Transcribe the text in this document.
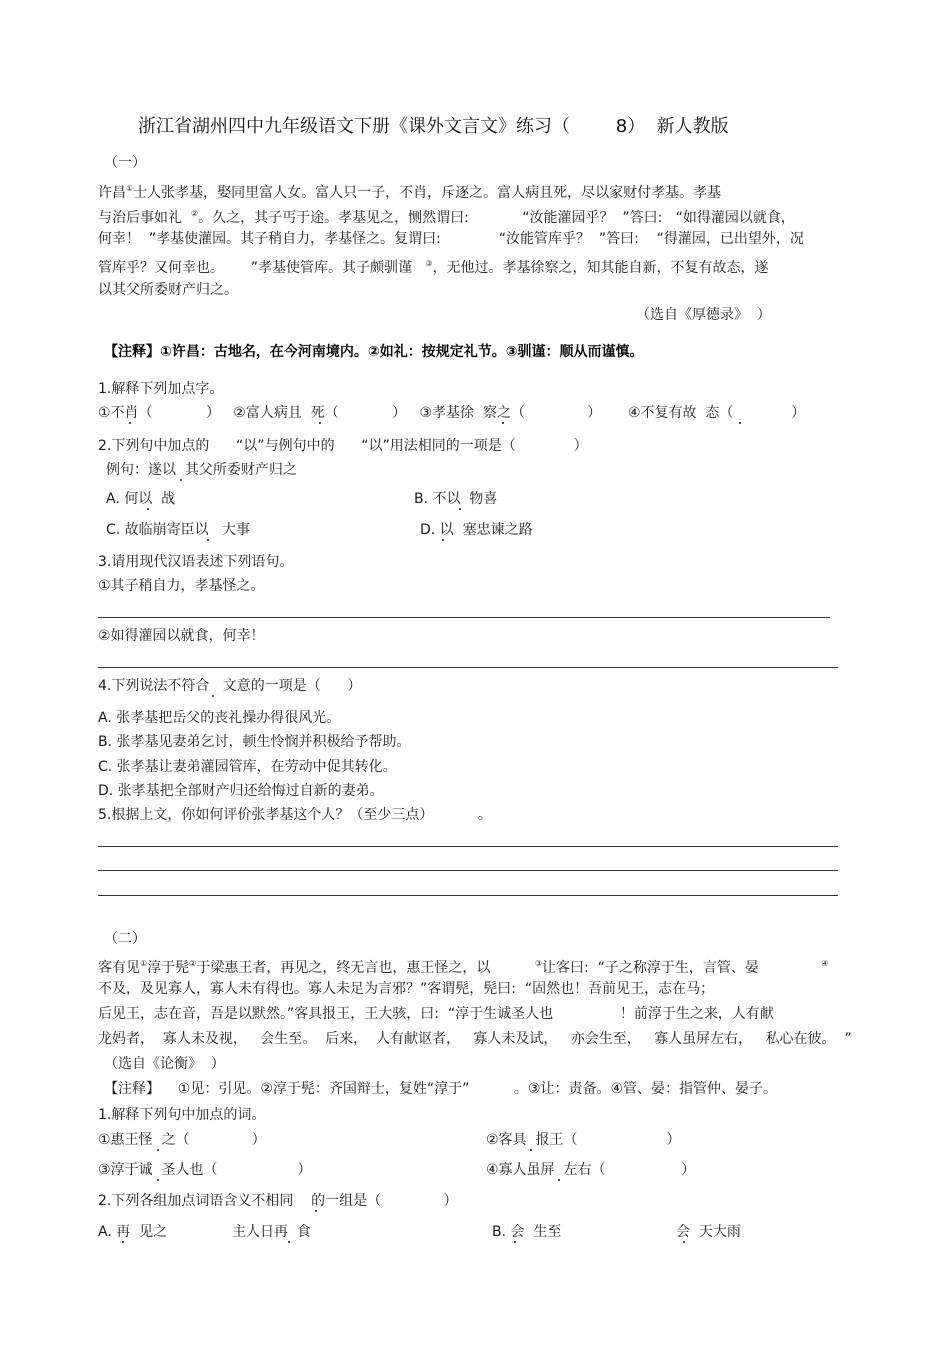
浙江省湖州四中九年级语文下册《课外文言文》练习（        8）  新人教版
（一）
许昌①士人张孝基，娶同里富人女。富人只一子，不肖，斥逐之。富人病且死，尽以家财付孝基。孝基
与治后事如礼 ②。久之，其子丐于途。孝基见之，恻然谓曰:            “汝能灌园乎？  ”答曰:   “如得灌园以就食，
何幸！  ”孝基使灌园。其子稍自力，孝基怪之。复谓曰:             “汝能管库乎？  ”答曰:    “得灌园，已出望外，况
管库乎？又何幸也。      ”孝基使管库。其子颇驯谨 ③，无他过。孝基徐察之，知其能自新，不复有故态，遂
以其父所委财产归之。
（选自《厚德录》  ）
【注释】①许昌：古地名，在今河南境内。②如礼：按规定礼节。③驯谨：顺从而谨慎。
1.解释下列加点字。
①不肖（            ）   ②富人病且  死（            ）   ③孝基徐  察之（              ）      ④不复有故  态（             ）
2.下列句中加点的      “以”与例句中的      “以”用法相同的一项是（             ）
例句：遂以  其父所委财产归之
A. 何以  战	B. 不以  物喜
C. 故临崩寄臣以   大事	D. 以  塞忠谏之路
3.请用现代汉语表述下列语句。
①其子稍自力，孝基怪之。
②如得灌园以就食，何幸！
4.下列说法不符合   文意的一项是（      ）
A. 张孝基把岳父的丧礼操办得很风光。
B. 张孝基见妻弟乞讨，顿生怜悯并积极给予帮助。
C. 张孝基让妻弟灌园管库，在劳动中促其转化。
D. 张孝基把全部财产归还给悔过自新的妻弟。
5.根据上文，你如何评价张孝基这个人？（至少三点）          。
（二）
客有见①淳于髡②于梁惠王者，再见之，终无言也，惠王怪之，以          ③让客曰:  “子之称淳于生，言管、晏              ④
不及，及见寡人，寡人未有得也。寡人未足为言邪？”客谓髡，髡曰:  “固然也！吾前见王，志在马；
后见王，志在音，吾是以默然。”客具报王，王大骇，曰:  “淳于生诚圣人也               ！前淳于生之来，人有献
龙妈者，  寡人未及视，   会生至。  后来，  人有献讴者，   寡人未及试，   亦会生至，   寡人虽屏左右，   私心在彼。  ”
（选自《论衡》  ）
【注释】    ①见：引见。②淳于髡：齐国辩士，复姓“淳于”          。③让：责备。④管、晏：指管仲、晏子。
1.解释下列句中加点的词。
①惠王怪  之（              ）	②客具  报王（                    ）
③淳于诚  圣人也（                  ）	④寡人虽屏  左右（                 ）
2.下列各组加点词语含义不相同    的一组是（              ）
A. 再  见之	主人日再  食	B. 会  生至	会  天大雨
